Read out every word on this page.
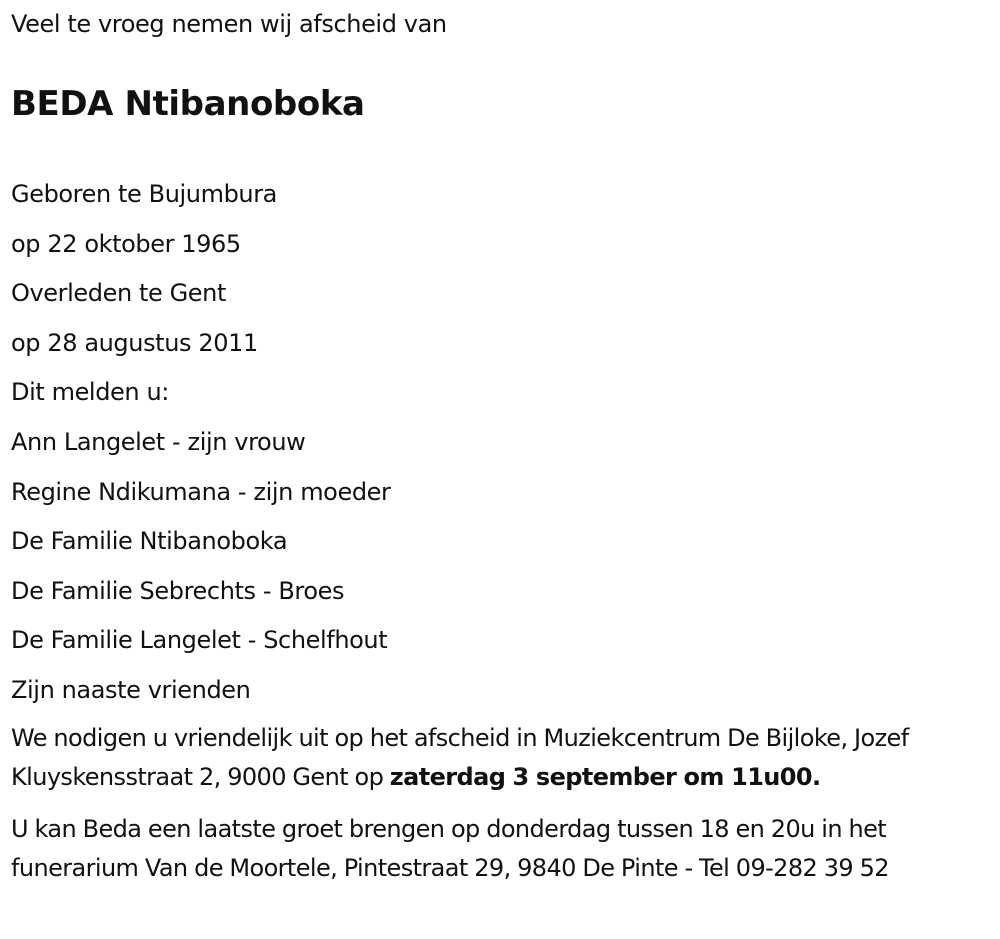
Veel te vroeg nemen wij afscheid van
BEDA Ntibanoboka
Geboren te Bujumbura
op 22 oktober 1965
Overleden te Gent
op 28 augustus 2011
Dit melden u:
Ann Langelet - zijn vrouw
Regine Ndikumana - zijn moeder
De Familie Ntibanoboka
De Familie Sebrechts - Broes
De Familie Langelet - Schelfhout
Zijn naaste vrienden

We nodigen u vriendelijk uit op het afscheid in Muziekcentrum De Bijloke, Jozef Kluyskensstraat 2, 9000 Gent op zaterdag 3 september om 11u00.

U kan Beda een laatste groet brengen op donderdag tussen 18 en 20u in het funerarium Van de Moortele, Pintestraat 29, 9840 De Pinte - Tel 09-282 39 52
